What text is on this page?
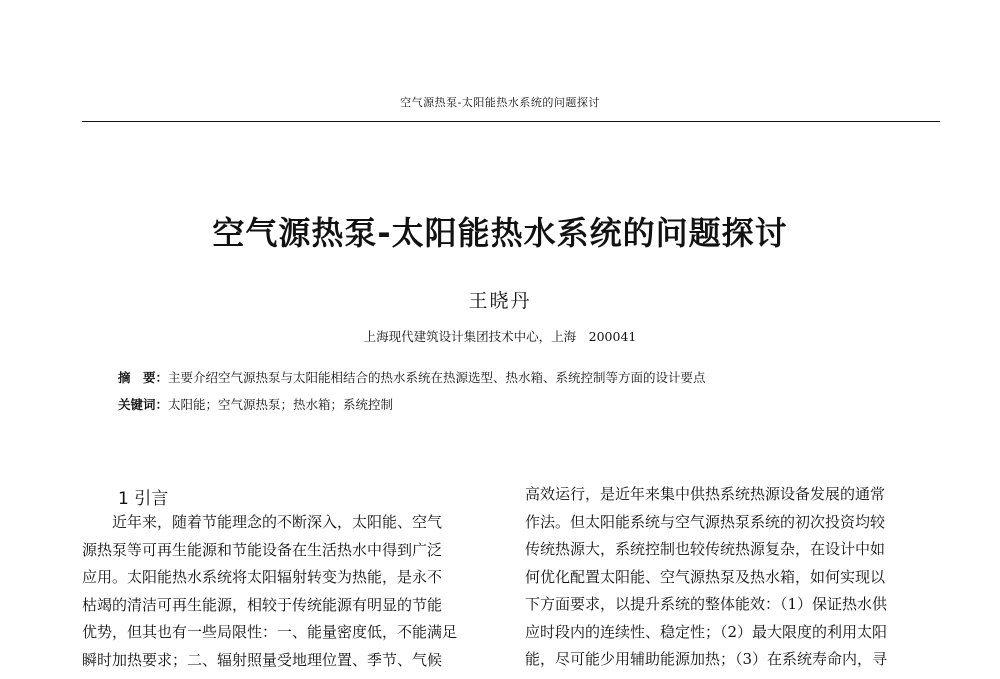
空气源热泵-太阳能热水系统的问题探讨
空气源热泵-太阳能热水系统的问题探讨
王晓丹
上海现代建筑设计集团技术中心，上海　200041
摘　要：主要介绍空气源热泵与太阳能相结合的热水系统在热源选型、热水箱、系统控制等方面的设计要点
关键词：太阳能；空气源热泵；热水箱；系统控制
1 引言
近年来，随着节能理念的不断深入，太阳能、空气
源热泵等可再生能源和节能设备在生活热水中得到广泛
应用。太阳能热水系统将太阳辐射转变为热能，是永不
枯竭的清洁可再生能源，相较于传统能源有明显的节能
优势，但其也有一些局限性：一、能量密度低，不能满足
瞬时加热要求；二、辐射照量受地理位置、季节、气候
高效运行，是近年来集中供热系统热源设备发展的通常
作法。但太阳能系统与空气源热泵系统的初次投资均较
传统热源大，系统控制也较传统热源复杂，在设计中如
何优化配置太阳能、空气源热泵及热水箱，如何实现以
下方面要求，以提升系统的整体能效：（1）保证热水供
应时段内的连续性、稳定性；（2）最大限度的利用太阳
能，尽可能少用辅助能源加热；（3）在系统寿命内，寻
